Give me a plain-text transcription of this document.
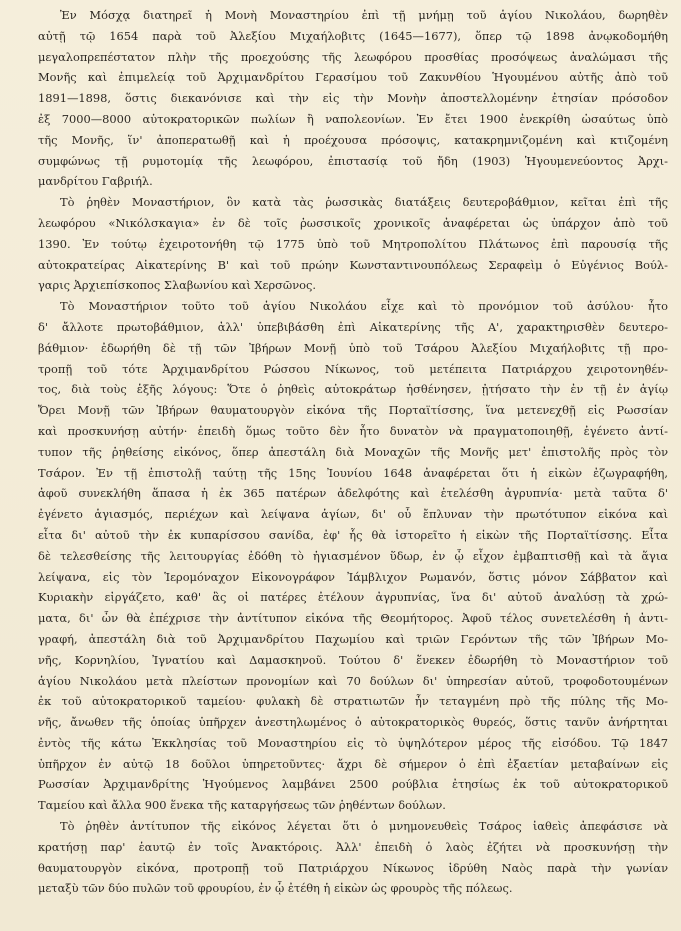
Ἐν Μόσχᾳ διατηρεῖ ἡ Μονὴ Μοναστηρίου ἐπὶ τῇ μνήμῃ τοῦ ἁγίου Νικολάου, δωρηθὲν
αὐτῇ τῷ 1654 παρὰ τοῦ Ἀλεξίου Μιχαήλοβιτς (1645—1677), ὅπερ τῷ 1898 ἀνῳκοδομήθη
μεγαλοπρεπέστατον πλὴν τῆς προεχούσης τῆς λεωφόρου προσθίας προσόψεως ἀναλώμασι τῆς
Μονῆς καὶ ἐπιμελείᾳ τοῦ Ἀρχιμανδρίτου Γερασίμου τοῦ Ζακυνθίου Ἡγουμένου αὐτῆς ἀπὸ τοῦ
1891—1898, ὅστις διεκανόνισε καὶ τὴν εἰς τὴν Μονὴν ἀποστελλομένην ἐτησίαν πρόσοδον
ἐξ 7000—8000 αὐτοκρατορικῶν πωλίων ἢ ναπολεονίων. Ἐν ἔτει 1900 ἐνεκρίθη ὡσαύτως ὑπὸ
τῆς Μονῆς, ἵν' ἀποπερατωθῇ καὶ ἡ προέχουσα πρόσοψις, κατακρημνιζομένη καὶ κτιζομένη
συμφώνως τῇ ρυμοτομίᾳ τῆς λεωφόρου, ἐπιστασίᾳ τοῦ ἤδη (1903) Ἡγουμενεύοντος Ἀρχι-
μανδρίτου Γαβριήλ.
Τὸ ῥηθὲν Μοναστήριον, ὃν κατὰ τὰς ῥωσσικὰς διατάξεις δευτεροβάθμιον, κεῖται ἐπὶ τῆς
λεωφόρου «Νικόλσκαγια» ἐν δὲ τοῖς ῥωσσικοῖς χρονικοῖς ἀναφέρεται ὡς ὑπάρχον ἀπὸ τοῦ
1390. Ἐν τούτῳ ἐχειροτονήθη τῷ 1775 ὑπὸ τοῦ Μητροπολίτου Πλάτωνος ἐπὶ παρουσίᾳ τῆς
αὐτοκρατείρας Αἰκατερίνης Β' καὶ τοῦ πρώην Κωνσταντινουπόλεως Σεραφεὶμ ὁ Εὐγένιος Βούλ-
γαρις Ἀρχιεπίσκοπος Σλαβωνίου καὶ Χερσῶνος.
Τὸ Μοναστήριον τοῦτο τοῦ ἁγίου Νικολάου εἶχε καὶ τὸ προνόμιον τοῦ ἀσύλου· ἦτο
δ' ἄλλοτε πρωτοβάθμιον, ἀλλ' ὑπεβιβάσθη ἐπὶ Αἰκατερίνης τῆς Α', χαρακτηρισθὲν δευτερο-
βάθμιον· ἐδωρήθη δὲ τῇ τῶν Ἰβήρων Μονῇ ὑπὸ τοῦ Τσάρου Ἀλεξίου Μιχαήλοβιτς τῇ προ-
τροπῇ τοῦ τότε Ἀρχιμανδρίτου Ρώσσου Νίκωνος, τοῦ μετέπειτα Πατριάρχου χειροτονηθέν-
τος, διὰ τοὺς ἑξῆς λόγους: Ὅτε ὁ ῥηθεὶς αὐτοκράτωρ ἠσθένησεν, ᾐτήσατο τὴν ἐν τῇ ἐν ἁγίῳ
Ὄρει Μονῇ τῶν Ἰβήρων θαυματουργὸν εἰκόνα τῆς Πορταϊτίσσης, ἵνα μετενεχθῇ εἰς Ρωσσίαν
καὶ προσκυνήσῃ αὐτήν· ἐπειδὴ ὅμως τοῦτο δὲν ἦτο δυνατὸν νὰ πραγματοποιηθῇ, ἐγένετο ἀντί-
τυπον τῆς ῥηθείσης εἰκόνος, ὅπερ ἀπεστάλη διὰ Μοναχῶν τῆς Μονῆς μετ' ἐπιστολῆς πρὸς τὸν
Τσάρον. Ἐν τῇ ἐπιστολῇ ταύτῃ τῆς 15ης Ἰουνίου 1648 ἀναφέρεται ὅτι ἡ εἰκὼν ἐζωγραφήθη,
ἀφοῦ συνεκλήθη ἅπασα ἡ ἐκ 365 πατέρων ἀδελφότης καὶ ἐτελέσθη ἀγρυπνία· μετὰ ταῦτα δ'
ἐγένετο ἁγιασμός, περιέχων καὶ λείψανα ἁγίων, δι' οὗ ἔπλυναν τὴν πρωτότυπον εἰκόνα καὶ
εἶτα δι' αὐτοῦ τὴν ἐκ κυπαρίσσου σανίδα, ἐφ' ἧς θὰ ἱστορεῖτο ἡ εἰκὼν τῆς Πορταϊτίσσης. Εἶτα
δὲ τελεσθείσης τῆς λειτουργίας ἐδόθη τὸ ἡγιασμένον ὕδωρ, ἐν ᾧ εἶχον ἐμβαπτισθῇ καὶ τὰ ἅγια
λείψανα, εἰς τὸν Ἱερομόναχον Εἰκονογράφον Ἰάμβλιχον Ρωμανόν, ὅστις μόνον Σάββατον καὶ
Κυριακὴν εἰργάζετο, καθ' ἃς οἱ πατέρες ἐτέλουν ἀγρυπνίας, ἵνα δι' αὐτοῦ ἀναλύσῃ τὰ χρώ-
ματα, δι' ὧν θὰ ἐπέχρισε τὴν ἀντίτυπον εἰκόνα τῆς Θεομήτορος. Ἀφοῦ τέλος συνετελέσθη ἡ ἀντι-
γραφή, ἀπεστάλη διὰ τοῦ Ἀρχιμανδρίτου Παχωμίου καὶ τριῶν Γερόντων τῆς τῶν Ἰβήρων Μο-
νῆς, Κορνηλίου, Ἰγνατίου καὶ Δαμασκηνοῦ. Τούτου δ' ἕνεκεν ἐδωρήθη τὸ Μοναστήριον τοῦ
ἁγίου Νικολάου μετὰ πλείστων προνομίων καὶ 70 δούλων δι' ὑπηρεσίαν αὐτοῦ, τροφοδοτουμένων
ἐκ τοῦ αὐτοκρατορικοῦ ταμείου· φυλακὴ δὲ στρατιωτῶν ἦν τεταγμένη πρὸ τῆς πύλης τῆς Μο-
νῆς, ἄνωθεν τῆς ὁποίας ὑπῆρχεν ἀνεστηλωμένος ὁ αὐτοκρατορικὸς θυρεός, ὅστις τανῦν ἀνήρτηται
ἐντὸς τῆς κάτω Ἐκκλησίας τοῦ Μοναστηρίου εἰς τὸ ὑψηλότερον μέρος τῆς εἰσόδου. Τῷ 1847
ὑπῆρχον ἐν αὐτῷ 18 δοῦλοι ὑπηρετοῦντες· ἄχρι δὲ σήμερον ὁ ἐπὶ ἐξαετίαν μεταβαίνων εἰς
Ρωσσίαν Ἀρχιμανδρίτης Ἡγούμενος λαμβάνει 2500 ρούβλια ἐτησίως ἐκ τοῦ αὐτοκρατορικοῦ
Ταμείου καὶ ἄλλα 900 ἕνεκα τῆς καταργήσεως τῶν ῥηθέντων δούλων.
Τὸ ῥηθὲν ἀντίτυπον τῆς εἰκόνος λέγεται ὅτι ὁ μνημονευθεὶς Τσάρος ἰαθεὶς ἀπεφάσισε νὰ
κρατήσῃ παρ' ἑαυτῷ ἐν τοῖς Ἀνακτόροις. Ἀλλ' ἐπειδὴ ὁ λαὸς ἐζήτει νὰ προσκυνήσῃ τὴν
θαυματουργὸν εἰκόνα, προτροπῇ τοῦ Πατριάρχου Νίκωνος ἱδρύθη Ναὸς παρὰ τὴν γωνίαν
μεταξὺ τῶν δύο πυλῶν τοῦ φρουρίου, ἐν ᾧ ἐτέθη ἡ εἰκὼν ὡς φρουρὸς τῆς πόλεως.
